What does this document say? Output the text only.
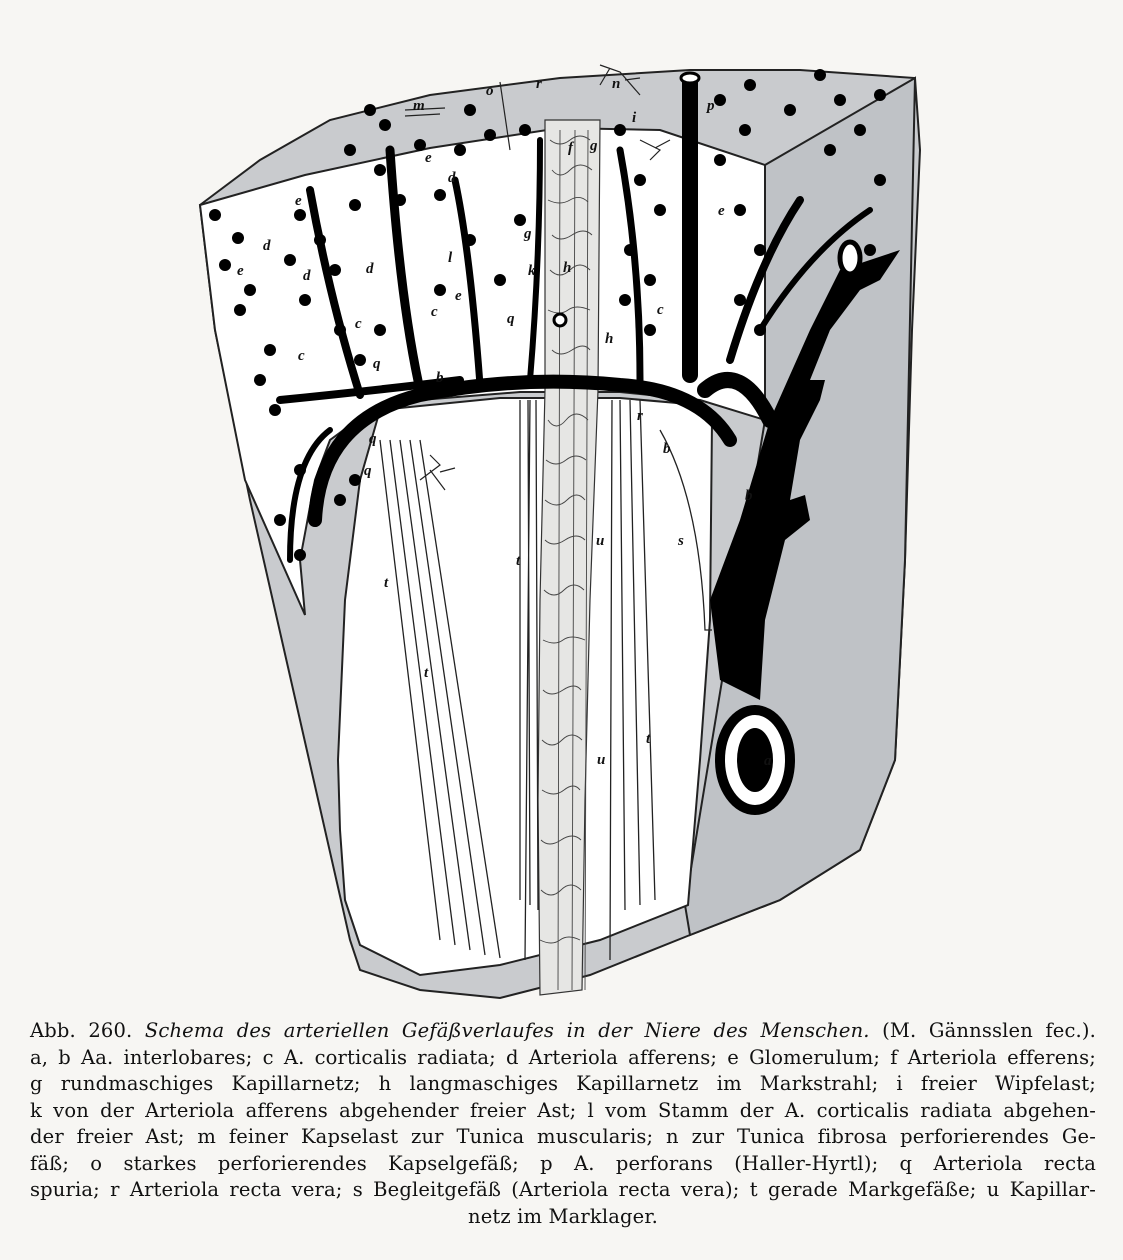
m
o	r	n
p
i
g
f
e
e
e
e
e
d
d	d
d
l
k
g
h
h
c
c
c	c
q
q
q
q
b
b
b
r
s
u
u
t
t
t
t
a
Abb. 260. Schema des arteriellen Gefäßverlaufes in der Niere des Menschen. (M. Gännsslen fec.).
a, b Aa. interlobares; c A. corticalis radiata; d Arteriola afferens; e Glomerulum; f Arteriola efferens;
g rundmaschiges Kapillarnetz; h langmaschiges Kapillarnetz im Markstrahl; i freier Wipfelast;
k von der Arteriola afferens abgehender freier Ast; l vom Stamm der A. corticalis radiata abgehen-
der freier Ast; m feiner Kapselast zur Tunica muscularis; n zur Tunica fibrosa perforierendes Ge-
fäß; o starkes perforierendes Kapselgefäß; p A. perforans (Haller-Hyrtl); q Arteriola recta
spuria; r Arteriola recta vera; s Begleitgefäß (Arteriola recta vera); t gerade Markgefäße; u Kapillar-
netz im Marklager.
